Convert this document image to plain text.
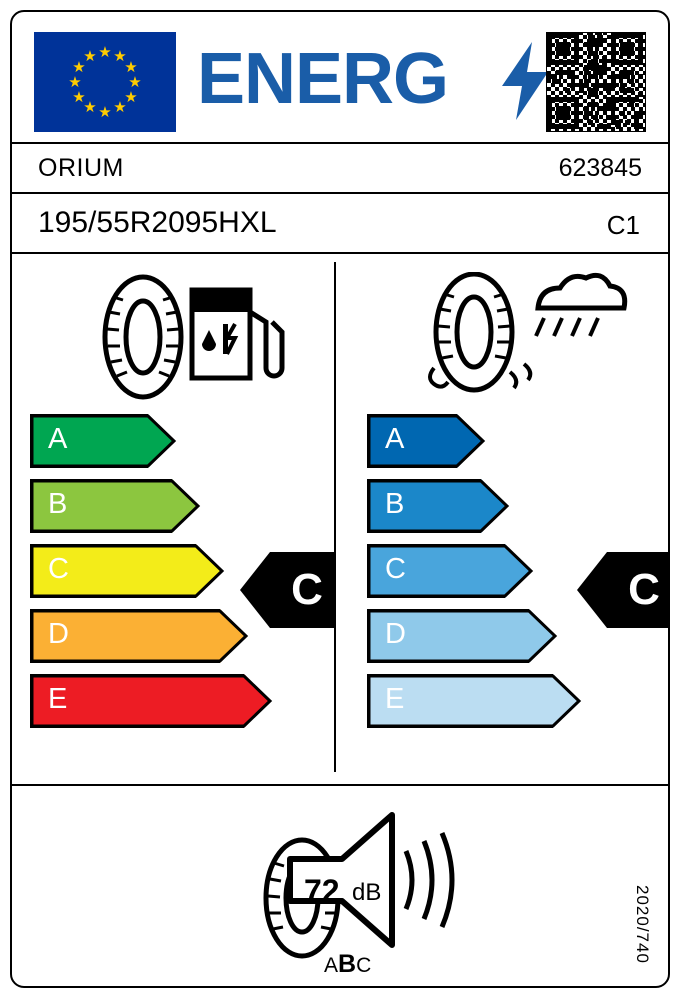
★ ★
★
★
★
★
★
★
★
★
★
★ ENERG
ORIUM	623845
195/55R2095HXL	C1
A
B
C
D
E
A
B
C
D
E
C	C
72 dB
ABC
2020/740
